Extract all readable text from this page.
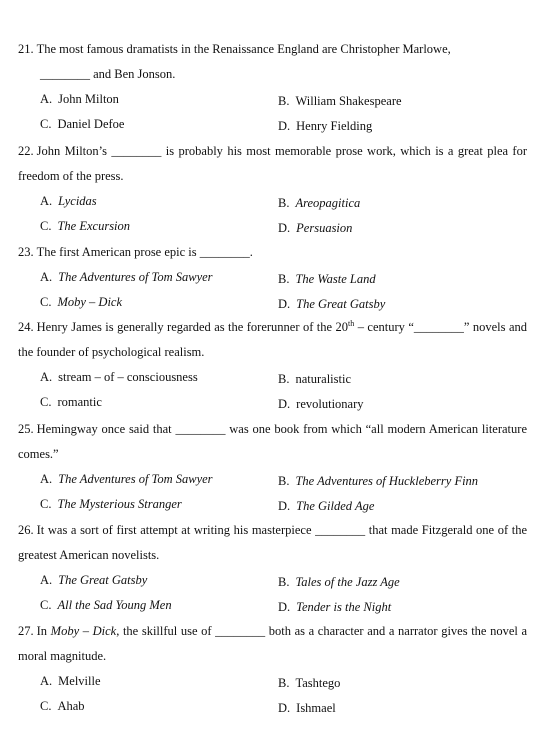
21. The most famous dramatists in the Renaissance England are Christopher Marlowe,
________ and Ben Jonson.
A. John Milton	B. William Shakespeare
C. Daniel Defoe	D. Henry Fielding
22. John Milton’s ________ is probably his most memorable prose work, which is a great plea for freedom of the press.
A. Lycidas	B. Areopagitica
C. The Excursion	D. Persuasion
23. The first American prose epic is ________.
A. The Adventures of Tom Sawyer	B. The Waste Land
C. Moby – Dick	D. The Great Gatsby
24. Henry James is generally regarded as the forerunner of the 20th – century “________” novels and the founder of psychological realism.
A. stream – of – consciousness	B. naturalistic
C. romantic	D. revolutionary
25. Hemingway once said that ________ was one book from which “all modern American literature comes.”
A. The Adventures of Tom Sawyer	B. The Adventures of Huckleberry Finn
C. The Mysterious Stranger	D. The Gilded Age
26. It was a sort of first attempt at writing his masterpiece ________ that made Fitzgerald one of the greatest American novelists.
A. The Great Gatsby	B. Tales of the Jazz Age
C. All the Sad Young Men	D. Tender is the Night
27. In Moby – Dick, the skillful use of ________ both as a character and a narrator gives the novel a moral magnitude.
A. Melville	B. Tashtego
C. Ahab	D. Ishmael
